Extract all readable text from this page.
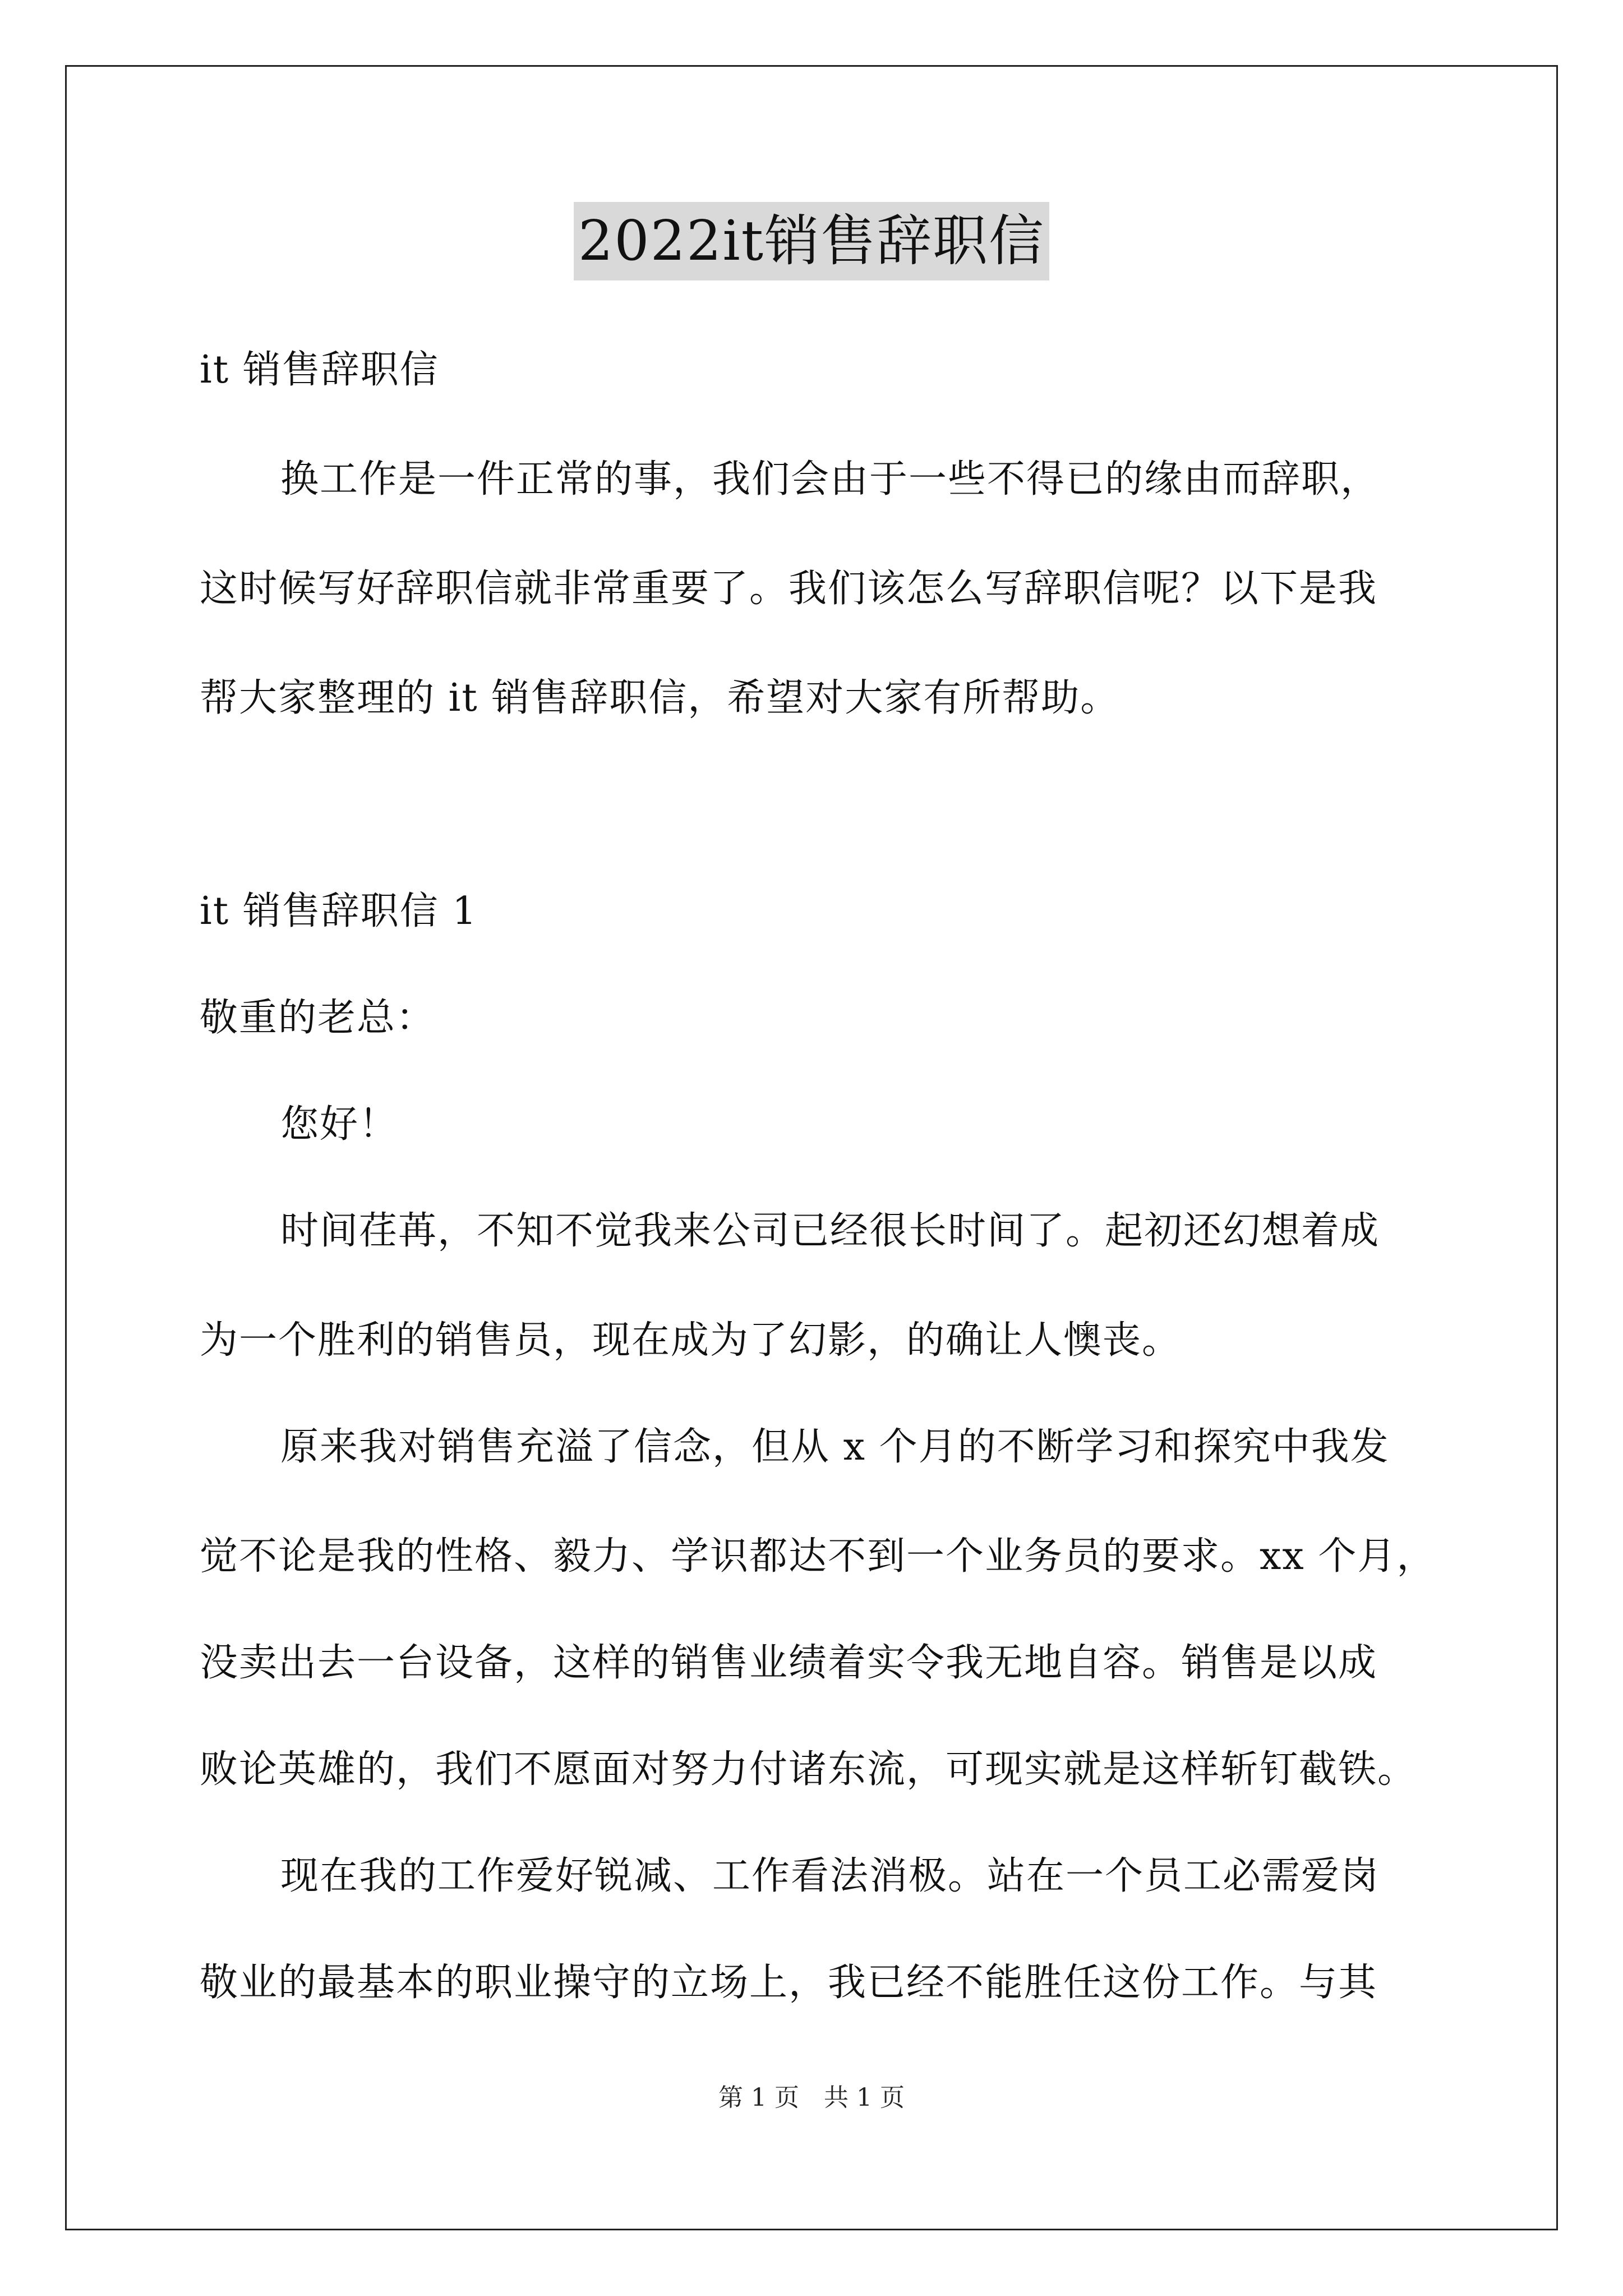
2022it销售辞职信
it 销售辞职信
换工作是一件正常的事，我们会由于一些不得已的缘由而辞职，
这时候写好辞职信就非常重要了。我们该怎么写辞职信呢？以下是我
帮大家整理的 it 销售辞职信，希望对大家有所帮助。
it 销售辞职信 1
敬重的老总：
您好！
时间荏苒，不知不觉我来公司已经很长时间了。起初还幻想着成
为一个胜利的销售员，现在成为了幻影，的确让人懊丧。
原来我对销售充溢了信念，但从 x 个月的不断学习和探究中我发
觉不论是我的性格、毅力、学识都达不到一个业务员的要求。xx 个月，
没卖出去一台设备，这样的销售业绩着实令我无地自容。销售是以成
败论英雄的，我们不愿面对努力付诸东流，可现实就是这样斩钉截铁。
现在我的工作爱好锐减、工作看法消极。站在一个员工必需爱岗
敬业的最基本的职业操守的立场上，我已经不能胜任这份工作。与其
第 1 页　共 1 页
